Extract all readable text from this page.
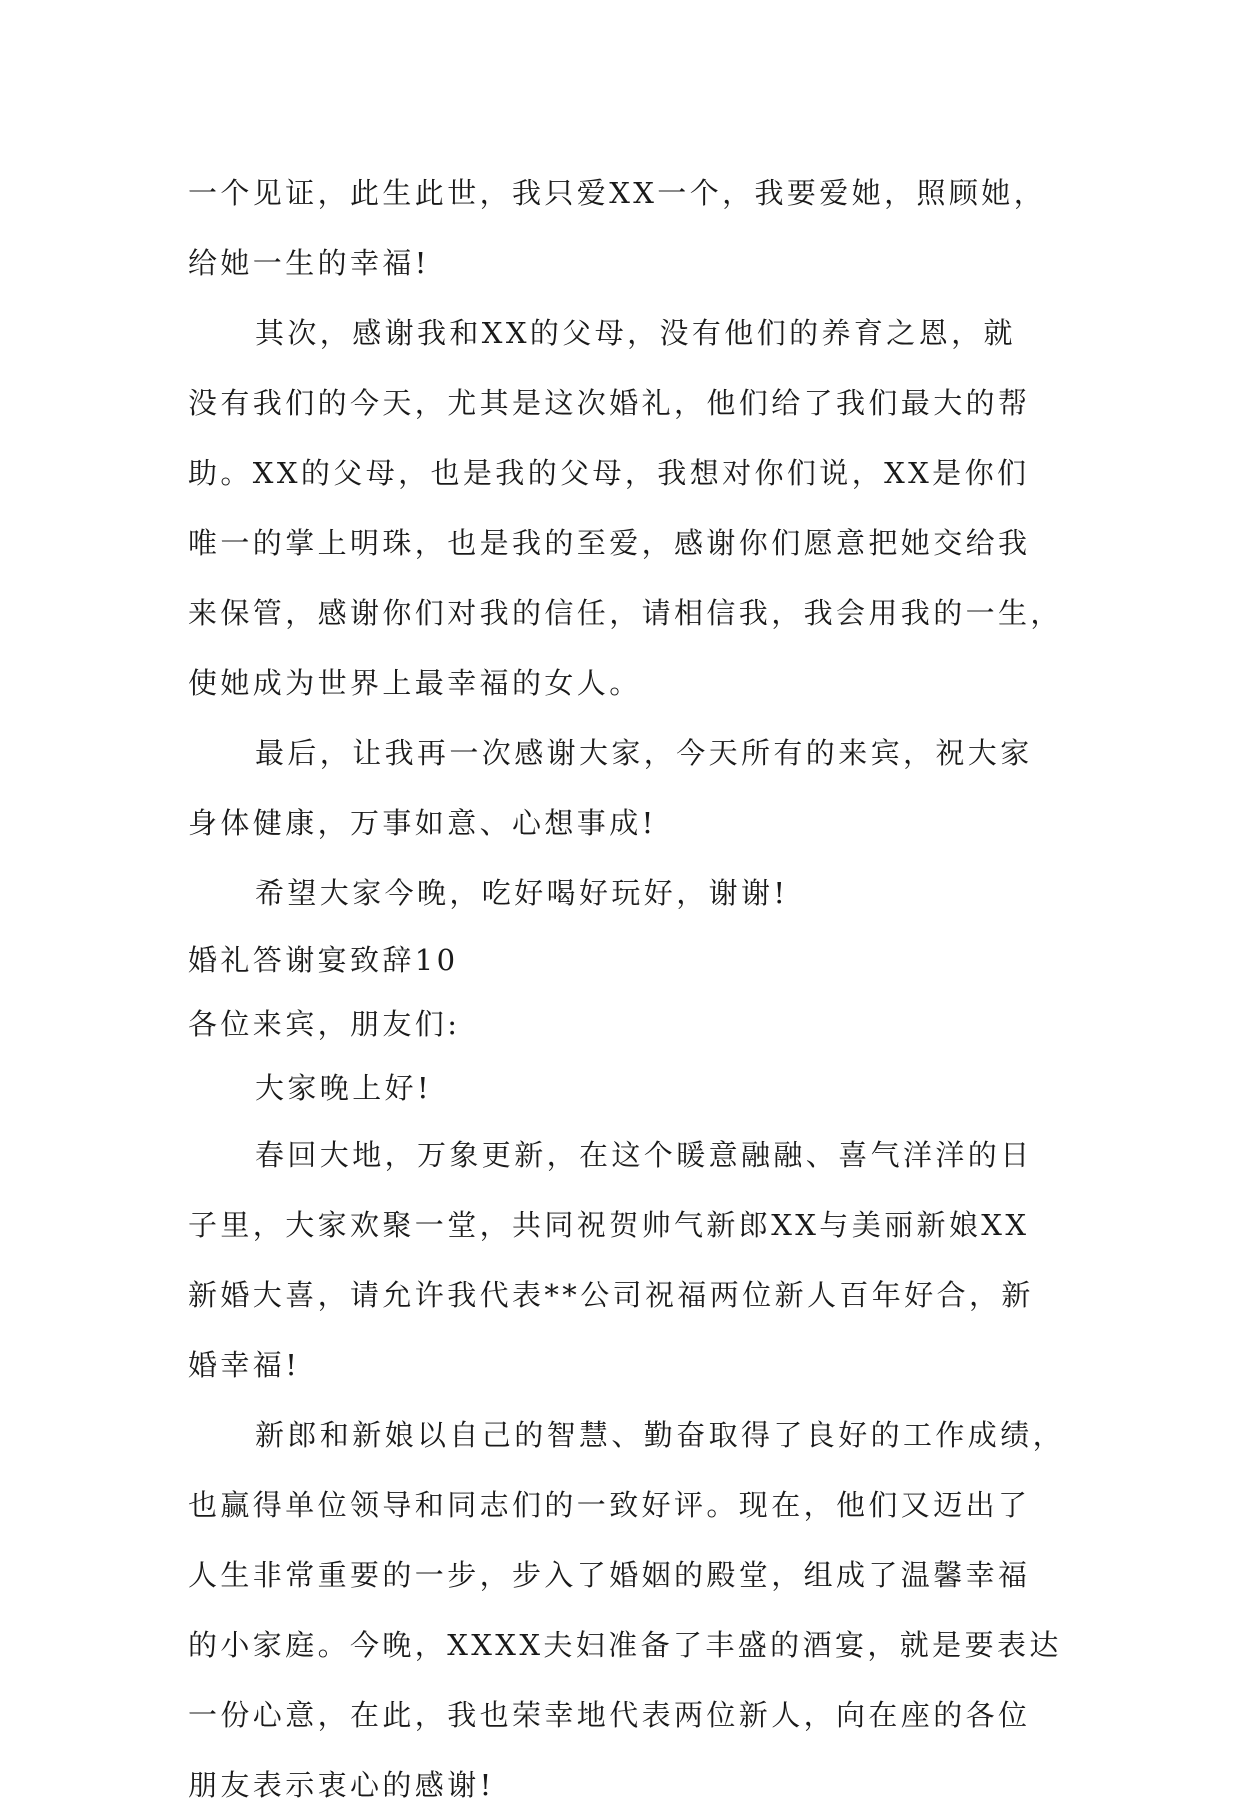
一个见证，此生此世，我只爱XX一个，我要爱她，照顾她，
给她一生的幸福!
其次，感谢我和XX的父母，没有他们的养育之恩，就
没有我们的今天，尤其是这次婚礼，他们给了我们最大的帮
助。XX的父母，也是我的父母，我想对你们说，XX是你们
唯一的掌上明珠，也是我的至爱，感谢你们愿意把她交给我
来保管，感谢你们对我的信任，请相信我，我会用我的一生，
使她成为世界上最幸福的女人。
最后，让我再一次感谢大家，今天所有的来宾，祝大家
身体健康，万事如意、心想事成!
希望大家今晚，吃好喝好玩好，谢谢!
婚礼答谢宴致辞10
各位来宾，朋友们:
大家晚上好!
春回大地，万象更新，在这个暖意融融、喜气洋洋的日
子里，大家欢聚一堂，共同祝贺帅气新郎XX与美丽新娘XX
新婚大喜，请允许我代表**公司祝福两位新人百年好合，新
婚幸福!
新郎和新娘以自己的智慧、勤奋取得了良好的工作成绩，
也赢得单位领导和同志们的一致好评。现在，他们又迈出了
人生非常重要的一步，步入了婚姻的殿堂，组成了温馨幸福
的小家庭。今晚，XXXX夫妇准备了丰盛的酒宴，就是要表达
一份心意，在此，我也荣幸地代表两位新人，向在座的各位
朋友表示衷心的感谢!
